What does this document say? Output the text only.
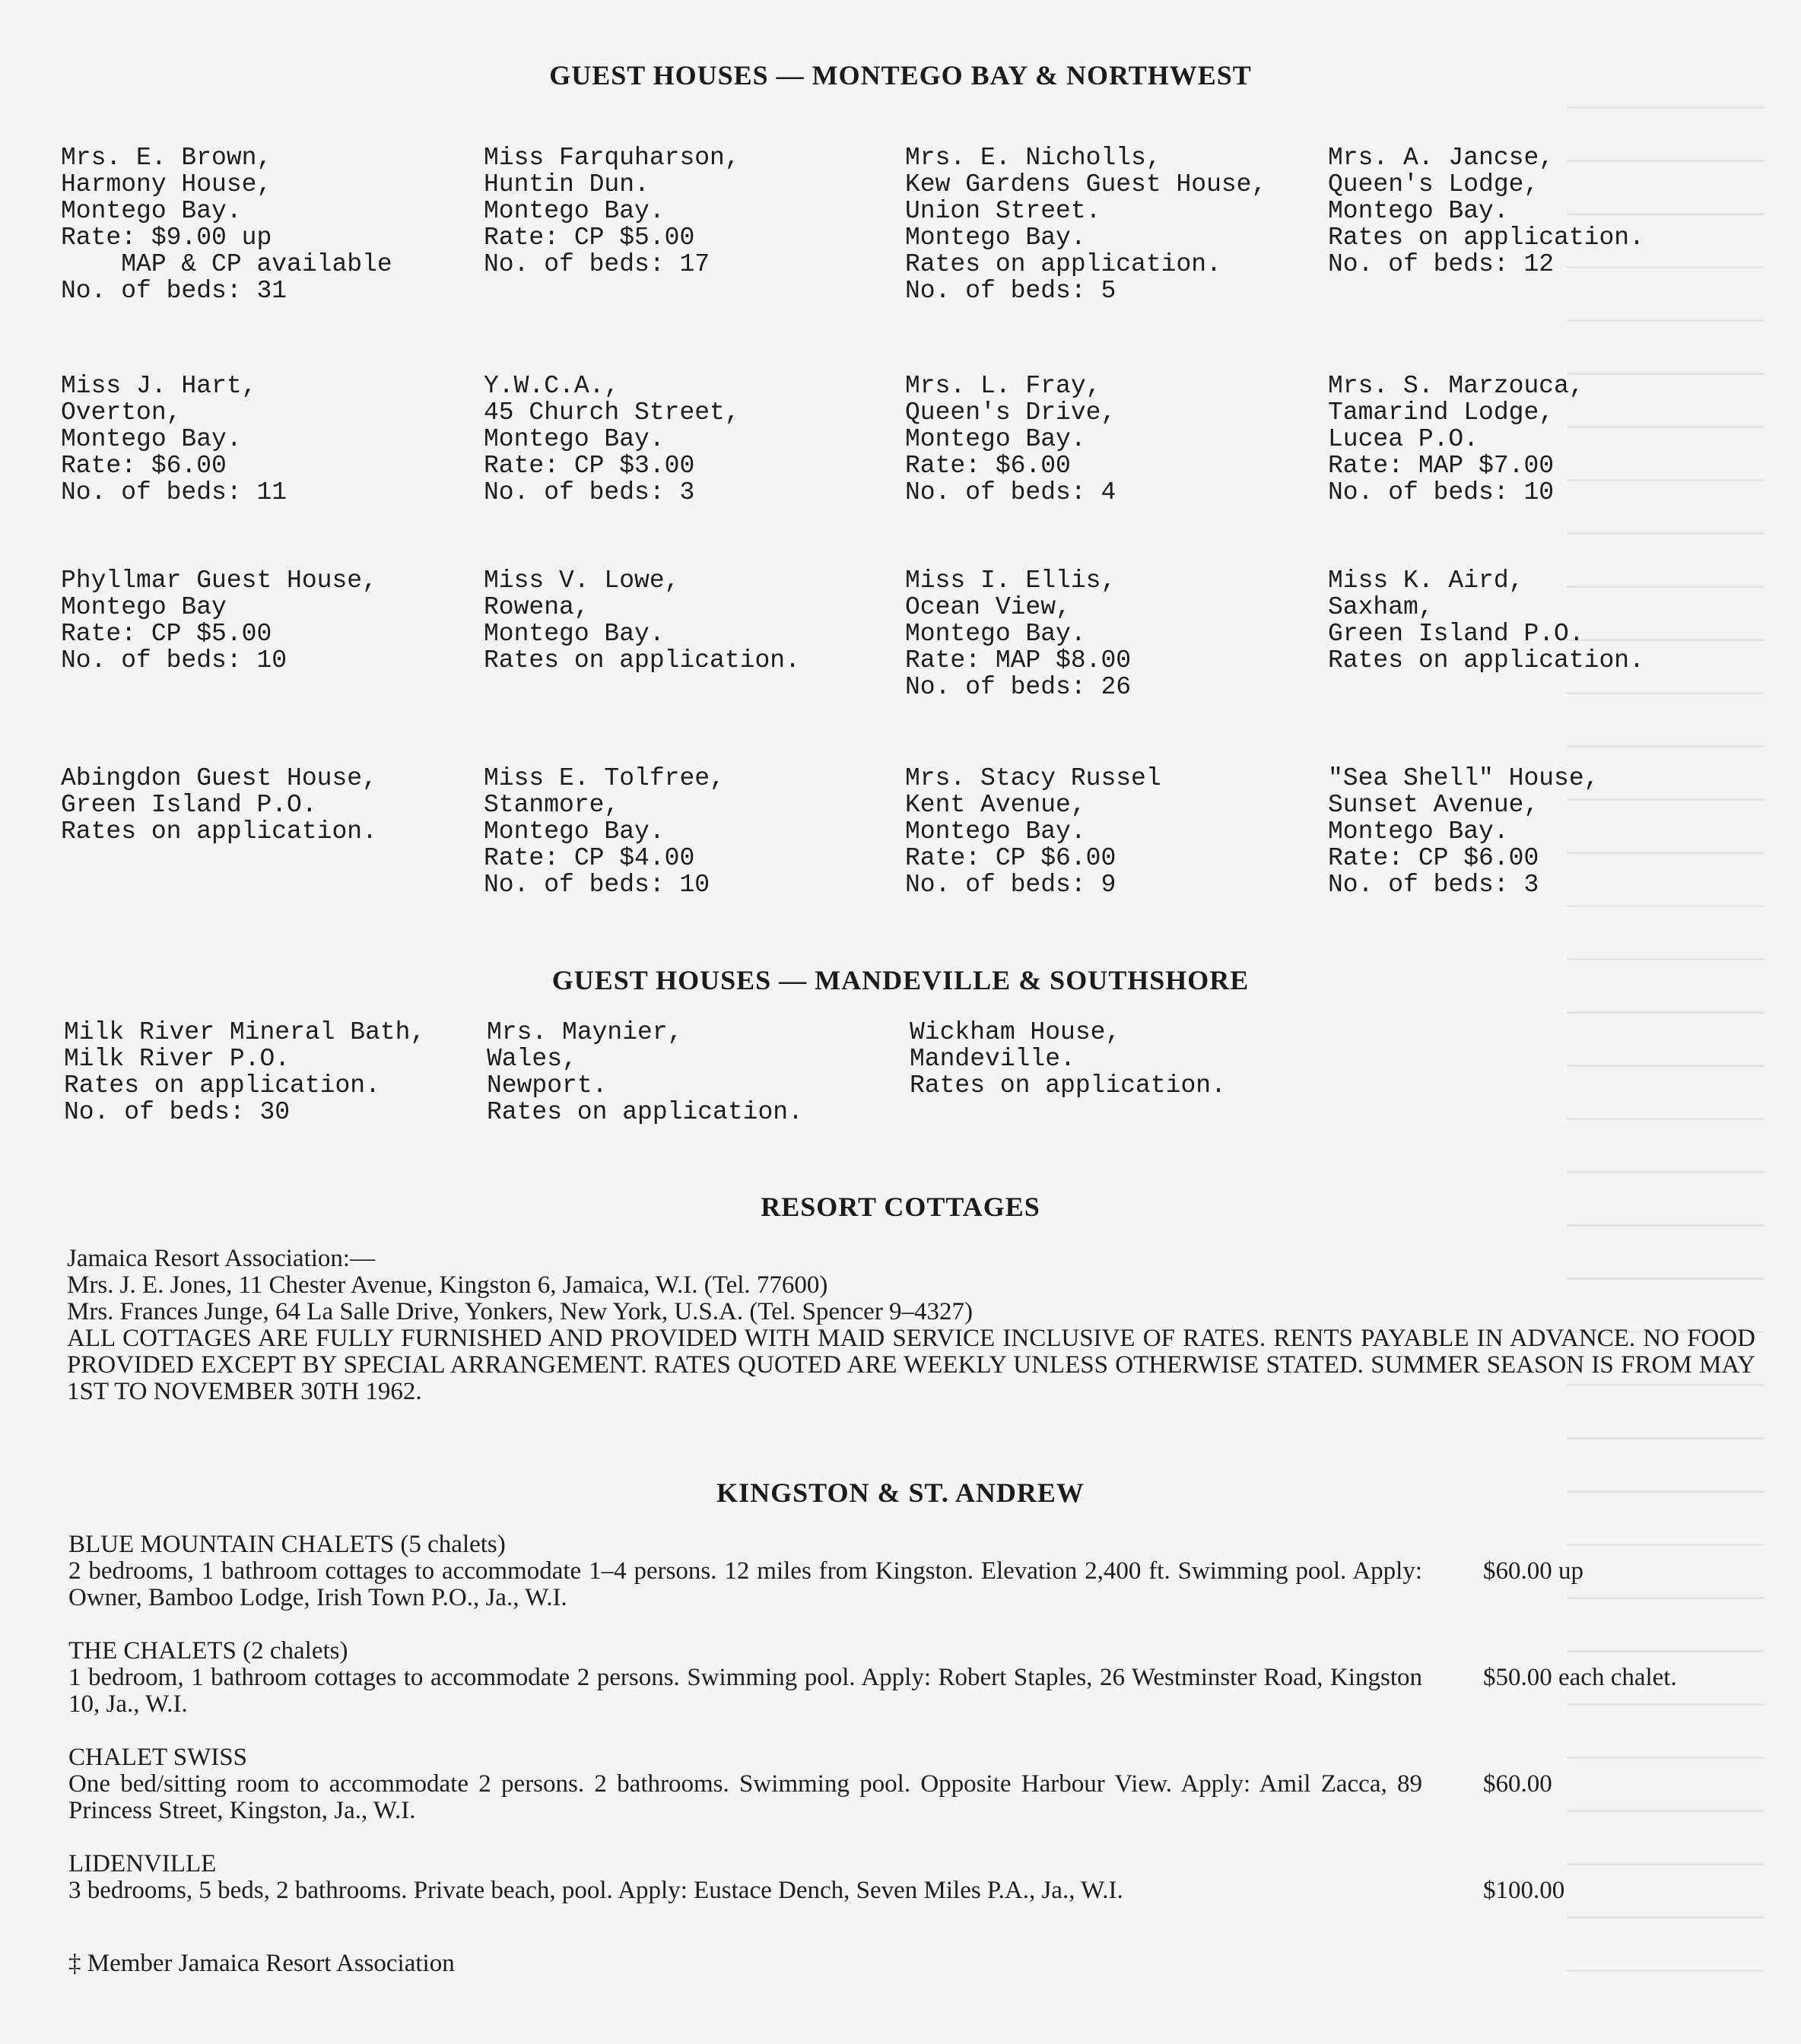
GUEST HOUSES — MONTEGO BAY & NORTHWEST
Mrs. E. Brown,
Harmony House,
Montego Bay.
Rate: $9.00 up
MAP & CP available
No. of beds: 31
Miss Farquharson,
Huntin Dun.
Montego Bay.
Rate: CP $5.00
No. of beds: 17
Mrs. E. Nicholls,
Kew Gardens Guest House,
Union Street.
Montego Bay.
Rates on application.
No. of beds: 5
Mrs. A. Jancse,
Queen's Lodge,
Montego Bay.
Rates on application.
No. of beds: 12
Miss J. Hart,
Overton,
Montego Bay.
Rate: $6.00
No. of beds: 11
Y.W.C.A.,
45 Church Street,
Montego Bay.
Rate: CP $3.00
No. of beds: 3
Mrs. L. Fray,
Queen's Drive,
Montego Bay.
Rate: $6.00
No. of beds: 4
Mrs. S. Marzouca,
Tamarind Lodge,
Lucea P.O.
Rate: MAP $7.00
No. of beds: 10
Phyllmar Guest House,
Montego Bay
Rate: CP $5.00
No. of beds: 10
Miss V. Lowe,
Rowena,
Montego Bay.
Rates on application.
Miss I. Ellis,
Ocean View,
Montego Bay.
Rate: MAP $8.00
No. of beds: 26
Miss K. Aird,
Saxham,
Green Island P.O.
Rates on application.
Abingdon Guest House,
Green Island P.O.
Rates on application.
Miss E. Tolfree,
Stanmore,
Montego Bay.
Rate: CP $4.00
No. of beds: 10
Mrs. Stacy Russel
Kent Avenue,
Montego Bay.
Rate: CP $6.00
No. of beds: 9
"Sea Shell" House,
Sunset Avenue,
Montego Bay.
Rate: CP $6.00
No. of beds: 3
GUEST HOUSES — MANDEVILLE & SOUTHSHORE
Milk River Mineral Bath,
Milk River P.O.
Rates on application.
No. of beds: 30
Mrs. Maynier,
Wales,
Newport.
Rates on application.
Wickham House,
Mandeville.
Rates on application.
RESORT COTTAGES
Jamaica Resort Association:—
Mrs. J. E. Jones, 11 Chester Avenue, Kingston 6, Jamaica, W.I. (Tel. 77600)
Mrs. Frances Junge, 64 La Salle Drive, Yonkers, New York, U.S.A. (Tel. Spencer 9–4327)
ALL COTTAGES ARE FULLY FURNISHED AND PROVIDED WITH MAID SERVICE INCLUSIVE OF RATES. RENTS PAYABLE IN ADVANCE. NO FOOD PROVIDED EXCEPT BY SPECIAL ARRANGEMENT. RATES QUOTED ARE WEEKLY UNLESS OTHERWISE STATED. SUMMER SEASON IS FROM MAY 1ST TO NOVEMBER 30TH 1962.
KINGSTON & ST. ANDREW
BLUE MOUNTAIN CHALETS (5 chalets)
2 bedrooms, 1 bathroom cottages to accommodate 1–4 persons. 12 miles from Kingston. Elevation 2,400 ft. Swimming pool. Apply: Owner, Bamboo Lodge, Irish Town P.O., Ja., W.I.
$60.00 up
THE CHALETS (2 chalets)
1 bedroom, 1 bathroom cottages to accommodate 2 persons. Swimming pool. Apply: Robert Staples, 26 Westminster Road, Kingston 10, Ja., W.I.
$50.00 each chalet.
CHALET SWISS
One bed/sitting room to accommodate 2 persons. 2 bathrooms. Swimming pool. Opposite Harbour View. Apply: Amil Zacca, 89 Princess Street, Kingston, Ja., W.I.
$60.00
LIDENVILLE
3 bedrooms, 5 beds, 2 bathrooms. Private beach, pool. Apply: Eustace Dench, Seven Miles P.A., Ja., W.I.	$100.00
‡ Member Jamaica Resort Association
